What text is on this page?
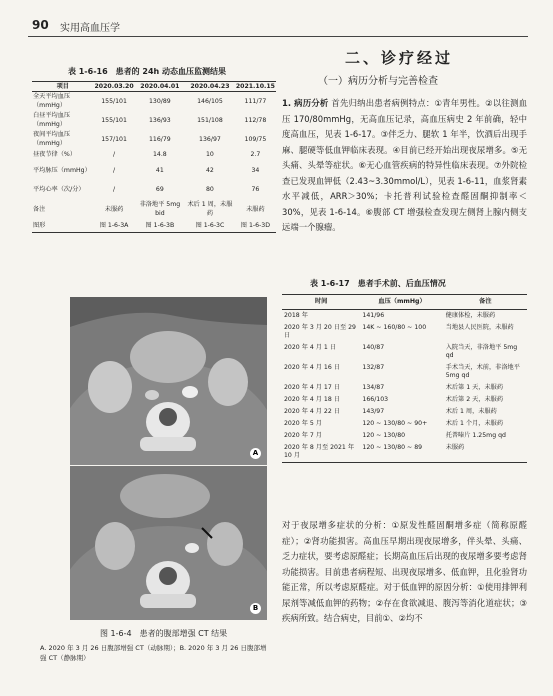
90 实用高血压学
表 1-6-16　患者的 24h 动态血压监测结果
项目	2020.03.20	2020.04.01	2020.04.23	2021.10.15
全天平均血压（mmHg）	155/101	130/89	146/105	111/77
白昼平均血压（mmHg）	155/101	136/93	151/108	112/78
夜间平均血压（mmHg）	157/101	116/79	136/97	109/75
昼夜节律（%）	/	14.8	10	2.7
平均脉压（mmHg）	/	41	42	34
平均心率（次/分）	/	69	80	76
备注	未服药	非洛地平 5mg bid	术后 1 周，未服药	未服药
图形	图 1-6-3A	图 1-6-3B	图 1-6-3C	图 1-6-3D
A
B
图 1-6-4　患者的腹部增强 CT 结果
A. 2020 年 3 月 26 日腹部增强 CT（动脉期）；B. 2020 年 3 月 26 日腹部增强 CT（静脉期）
二、诊疗经过
（一）病历分析与完善检查
1. 病历分析 首先归纳出患者病例特点：①青年男性。②以往测血压 170/80mmHg，无高血压记录，高血压病史 2 年前确，轻中度高血压，见表 1-6-17。③伴乏力、腿软 1 年半，饮酒后出现手麻、腿硬等低血钾临床表现。④目前已经开始出现夜尿增多。⑤无头痛、头晕等症状。⑥无心血管疾病的特异性临床表现。⑦外院检查已发现血钾低（2.43~3.30mmol/L），见表 1-6-11，血浆肾素水平减低，ARR＞30%；卡托普利试验检查醛固酮抑制率＜30%，见表 1-6-14。⑥腹部 CT 增强检查发现左侧肾上腺内侧支远端一个腺瘤。
表 1-6-17　患者手术前、后血压情况
时间	血压（mmHg）	备注
2018 年	141/96	健康体检，未服药
2020 年 3 月 20 日至 29 日	14K ~ 160/80 ~ 100	当地县人民医院，未服药
2020 年 4 月 1 日	140/87	入院当天，非洛地平 5mg qd
2020 年 4 月 16 日	132/87	手术当天，术前，非洛地平 5mg qd
2020 年 4 月 17 日	134/87	术后第 1 天，未服药
2020 年 4 月 18 日	166/103	术后第 2 天，未服药
2020 年 4 月 22 日	143/97	术后 1 周，未服药
2020 年 5 月	120 ~ 130/80 ~ 90+	术后 1 个月，未服药
2020 年 7 月	120 ~ 130/80	托普嗪片 1.25mg qd
2020 年 8 月至 2021 年 10 月	120 ~ 130/80 ~ 89	未服药
对于夜尿增多症状的分析：①原发性醛固酮增多症（简称原醛症）；②肾功能损害。高血压早期出现夜尿增多，伴头晕、头痛、乏力症状，要考虑原醛症；长期高血压后出现的夜尿增多要考虑肾功能损害。目前患者病程短、出现夜尿增多、低血钾，且化验肾功能正常，所以考虑原醛症。对于低血钾的原因分析：①使用排钾利尿剂等减低血钾的药物；②存在食欲减退、腹泻等消化道症状；③疾病所致。结合病史，目前①、②均不
